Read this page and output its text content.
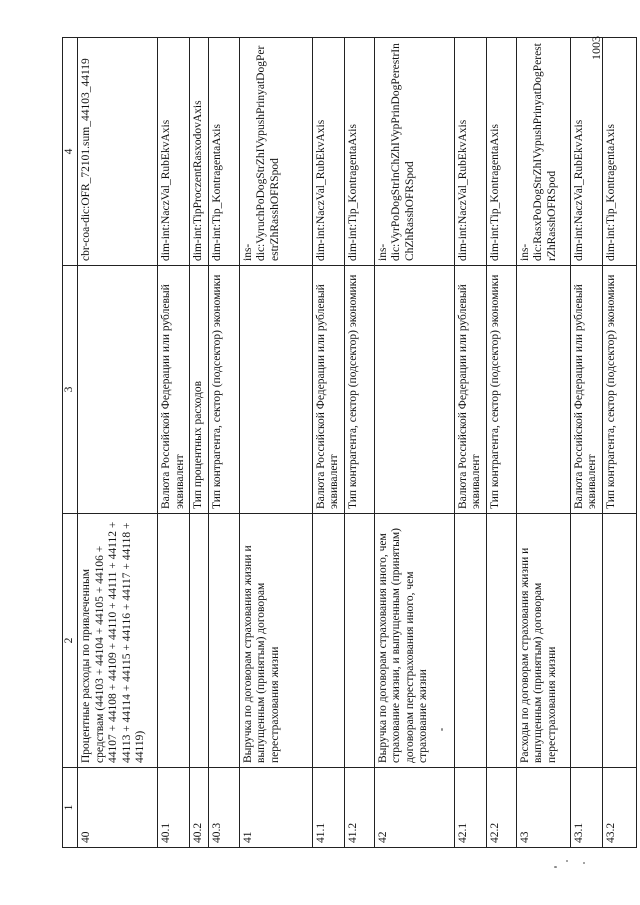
1	2	3	4
40	Процентные расходы по привлеченным средствам (44103 + 44104 + 44105 + 44106 + 44107 + 44108 + 44109 + 44110 + 44111 + 44112 + 44113 + 44114 + 44115 + 44116 + 44117 + 44118 + 44119)		cbr-coa-dic:OFR_72101.sum_44103_44119
40.1		Валюта Российской Федерации или рублевый эквивалент	dim-int:NaczVal_RubEkvAxis
40.2		Тип процентных расходов	dim-int:TipProczentRasxodovAxis
40.3		Тип контрагента, сектор (подсектор) экономики	dim-int:Tip_KontragentaAxis
41	Выручка по договорам страхования жизни и выпущенным (принятым) договорам перестрахования жизни		ins-dic:VyruchPoDogStrZhIVypushPrinyatDogPerestrZhRasshOFRSpod
41.1		Валюта Российской Федерации или рублевый эквивалент	dim-int:NaczVal_RubEkvAxis
41.2		Тип контрагента, сектор (подсектор) экономики	dim-int:Tip_KontragentaAxis
42	Выручка по договорам страхования иного, чем страхование жизни, и выпущенным (принятым) договорам перестрахования иного, чем страхование жизни		ins-dic:VyrPoDogStrInChZhIVypPrinDogPerestrInChZhRasshOFRSpod
42.1		Валюта Российской Федерации или рублевый эквивалент	dim-int:NaczVal_RubEkvAxis
42.2		Тип контрагента, сектор (подсектор) экономики	dim-int:Tip_KontragentaAxis
43	Расходы по договорам страхования жизни и выпущенным (принятым) договорам перестрахования жизни		ins-dic:RasxPoDogStrZhIVypushPrinyatDogPerestrZhRasshOFRSpod
43.1		Валюта Российской Федерации или рублевый эквивалент	dim-int:NaczVal_RubEkvAxis
43.2		Тип контрагента, сектор (подсектор) экономики	dim-int:Tip_KontragentaAxis
1003
